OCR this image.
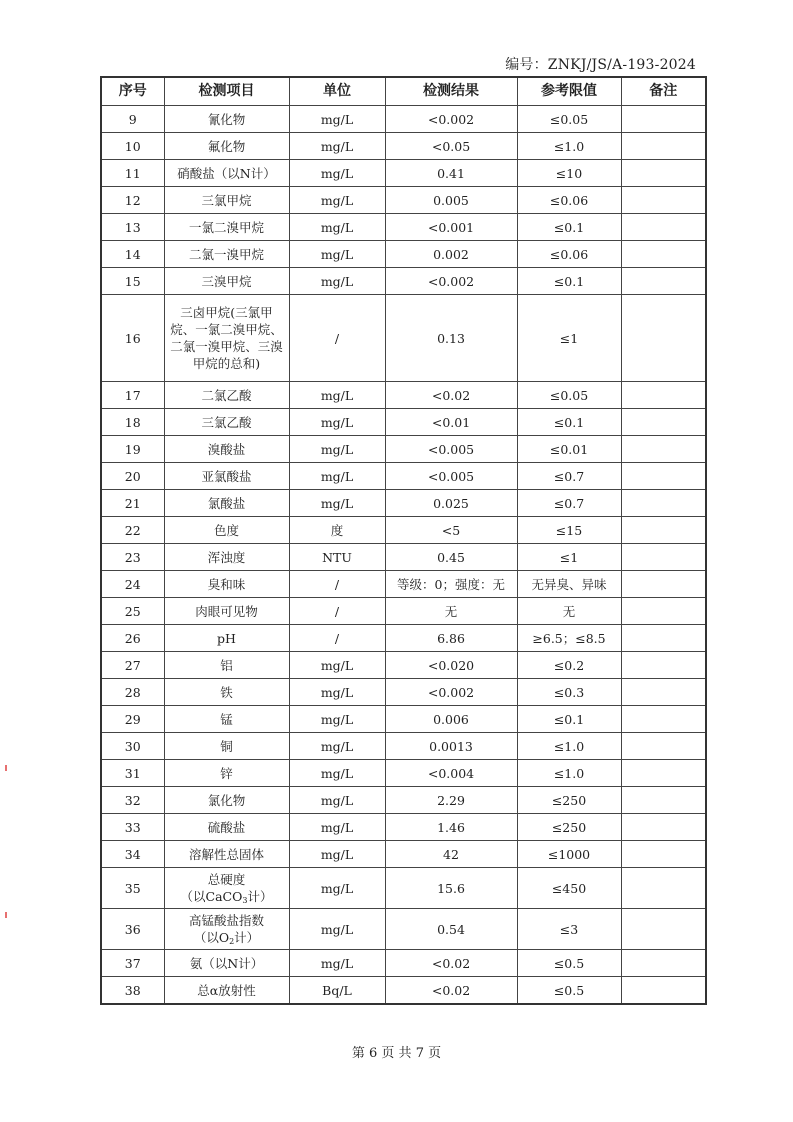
编号：ZNKJ/JS/A-193-2024
序号	检测项目	单位	检测结果	参考限值	备注
9	氰化物	mg/L	<0.002	≤0.05	
10	氟化物	mg/L	<0.05	≤1.0	
11	硝酸盐（以N计）	mg/L	0.41	≤10	
12	三氯甲烷	mg/L	0.005	≤0.06	
13	一氯二溴甲烷	mg/L	<0.001	≤0.1	
14	二氯一溴甲烷	mg/L	0.002	≤0.06	
15	三溴甲烷	mg/L	<0.002	≤0.1	
16	三卤甲烷(三氯甲
烷、一氯二溴甲烷、
二氯一溴甲烷、三溴
甲烷的总和)	/	0.13	≤1	
17	二氯乙酸	mg/L	<0.02	≤0.05	
18	三氯乙酸	mg/L	<0.01	≤0.1	
19	溴酸盐	mg/L	<0.005	≤0.01	
20	亚氯酸盐	mg/L	<0.005	≤0.7	
21	氯酸盐	mg/L	0.025	≤0.7	
22	色度	度	<5	≤15	
23	浑浊度	NTU	0.45	≤1	
24	臭和味	/	等级：0；强度：无	无异臭、异味	
25	肉眼可见物	/	无	无	
26	pH	/	6.86	≥6.5；≤8.5	
27	铝	mg/L	<0.020	≤0.2	
28	铁	mg/L	<0.002	≤0.3	
29	锰	mg/L	0.006	≤0.1	
30	铜	mg/L	0.0013	≤1.0	
31	锌	mg/L	<0.004	≤1.0	
32	氯化物	mg/L	2.29	≤250	
33	硫酸盐	mg/L	1.46	≤250	
34	溶解性总固体	mg/L	42	≤1000	
35	总硬度
（以CaCO$_3$计）	mg/L	15.6	≤450	
36	高锰酸盐指数
（以$O_2$计）	mg/L	0.54	≤3	
37	氨（以N计）	mg/L	<0.02	≤0.5	
38	总α放射性	Bq/L	<0.02	≤0.5	
第 6 页 共 7 页
